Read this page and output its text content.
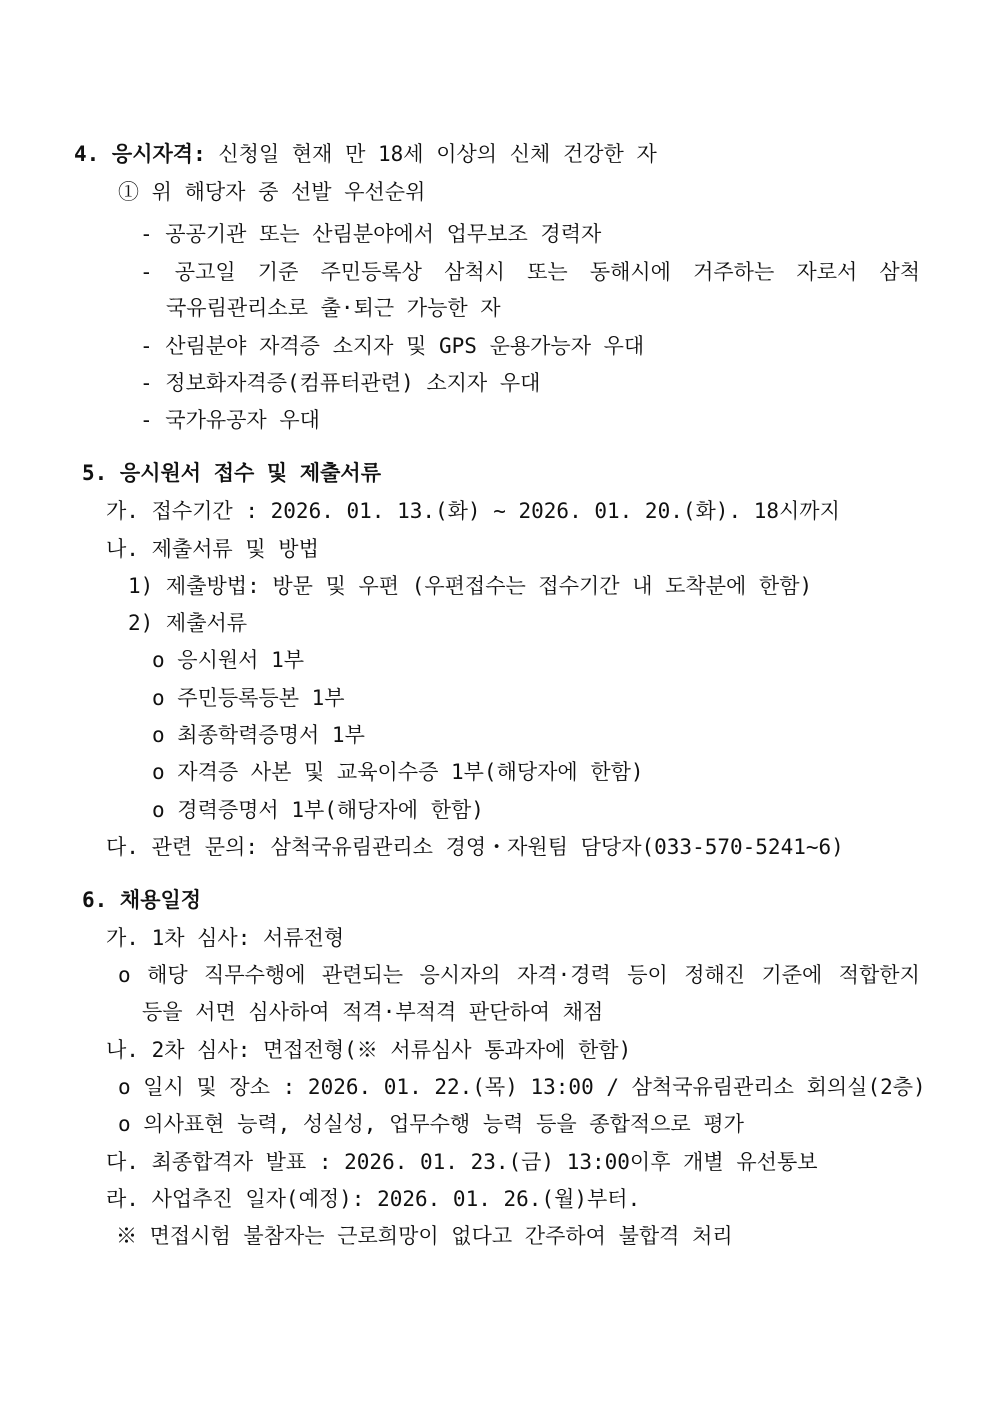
4. 응시자격: 신청일 현재 만 18세 이상의 신체 건강한 자
① 위 해당자 중 선발 우선순위
- 공공기관 또는 산림분야에서 업무보조 경력자
- 공고일 기준 주민등록상 삼척시 또는 동해시에 거주하는 자로서 삼척
국유림관리소로 출·퇴근 가능한 자
- 산림분야 자격증 소지자 및 GPS 운용가능자 우대
- 정보화자격증(컴퓨터관련) 소지자 우대
- 국가유공자 우대
5. 응시원서 접수 및 제출서류
가. 접수기간 : 2026. 01. 13.(화) ~ 2026. 01. 20.(화). 18시까지
나. 제출서류 및 방법
1) 제출방법: 방문 및 우편 (우편접수는 접수기간 내 도착분에 한함)
2) 제출서류
o 응시원서 1부
o 주민등록등본 1부
o 최종학력증명서 1부
o 자격증 사본 및 교육이수증 1부(해당자에 한함)
o 경력증명서 1부(해당자에 한함)
다. 관련 문의: 삼척국유림관리소 경영・자원팀 담당자(033-570-5241~6)
6. 채용일정
가. 1차 심사: 서류전형
o 해당 직무수행에 관련되는 응시자의 자격·경력 등이 정해진 기준에 적합한지
등을 서면 심사하여 적격·부적격 판단하여 채점
나. 2차 심사: 면접전형(※ 서류심사 통과자에 한함)
o 일시 및 장소 : 2026. 01. 22.(목) 13:00 / 삼척국유림관리소 회의실(2층)
o 의사표현 능력, 성실성, 업무수행 능력 등을 종합적으로 평가
다. 최종합격자 발표 : 2026. 01. 23.(금) 13:00이후 개별 유선통보
라. 사업추진 일자(예정): 2026. 01. 26.(월)부터.
※ 면접시험 불참자는 근로희망이 없다고 간주하여 불합격 처리
